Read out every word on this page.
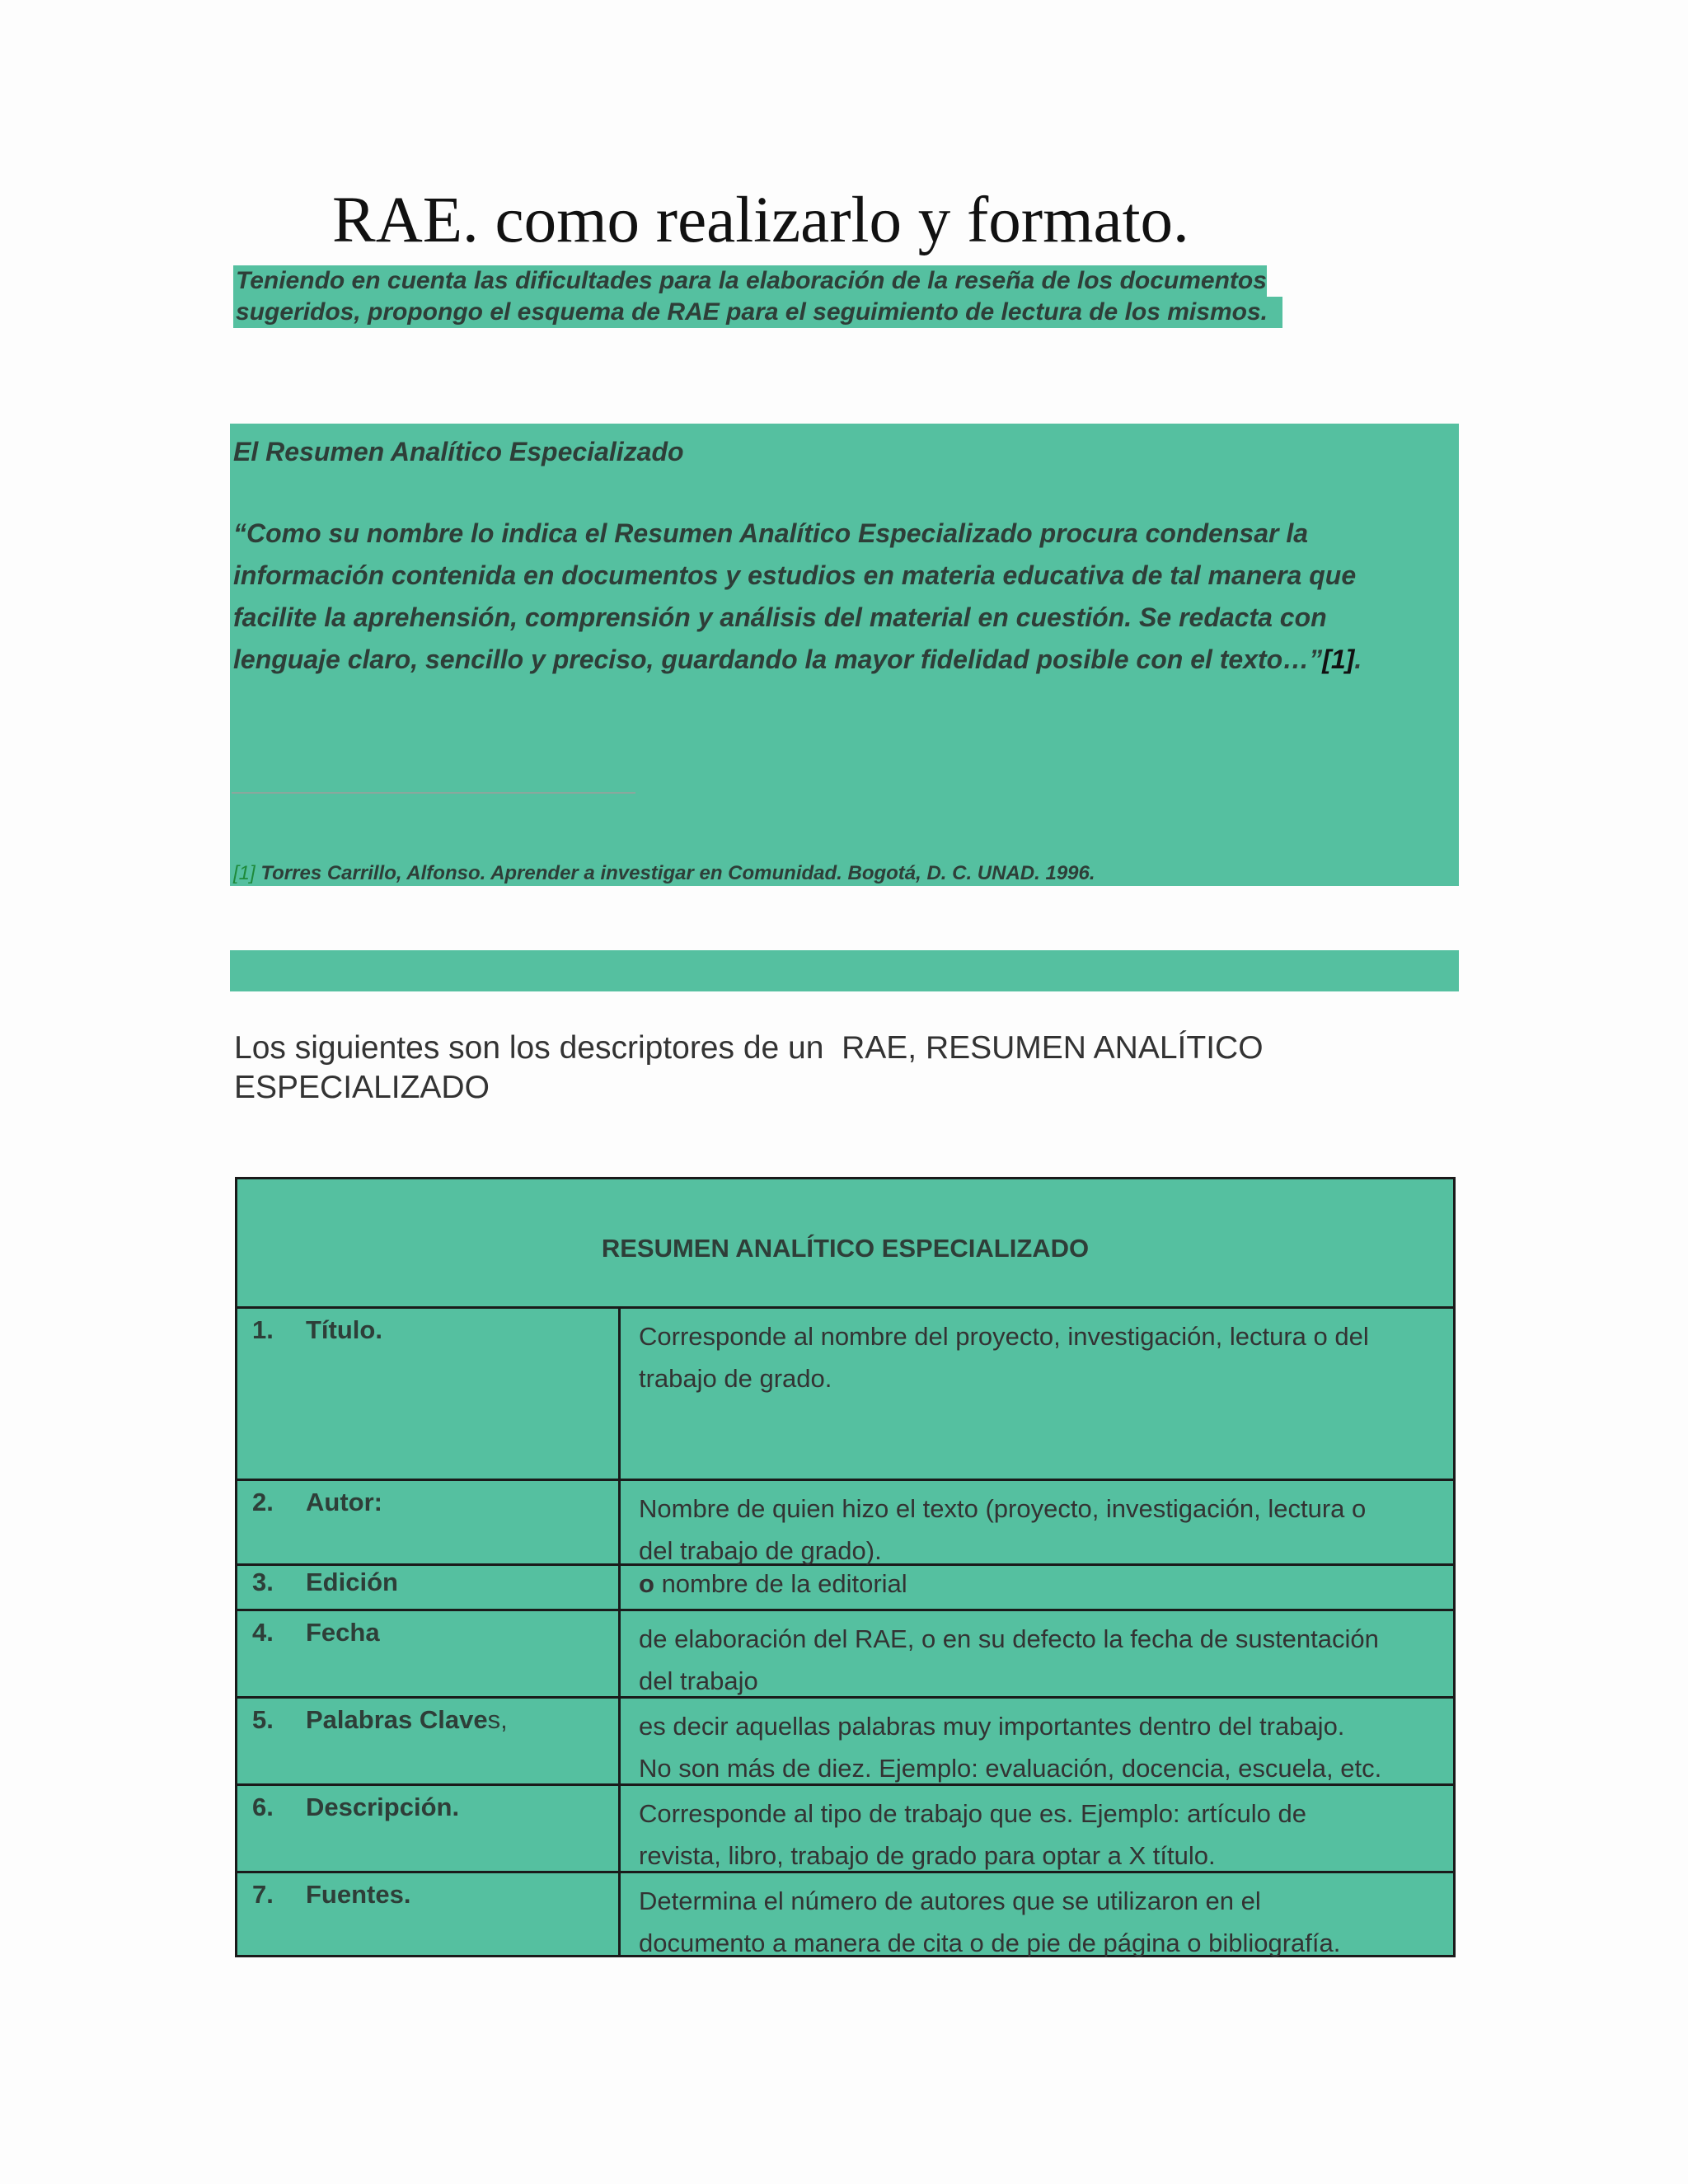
RAE. como realizarlo y formato.
Teniendo en cuenta las dificultades para la elaboración de la reseña de los documentos
sugeridos, propongo el esquema de RAE para el seguimiento de lectura de los mismos.
El Resumen Analítico Especializado
“Como su nombre lo indica el Resumen Analítico Especializado procura condensar la
información contenida en documentos y estudios en materia educativa de tal manera que
facilite la aprehensión, comprensión y análisis del material en cuestión. Se redacta con
lenguaje claro, sencillo y preciso, guardando la mayor fidelidad posible con el texto…”[1].
[1] Torres Carrillo, Alfonso. Aprender a investigar en Comunidad. Bogotá, D. C. UNAD. 1996.
Los siguientes son los descriptores de un  RAE, RESUMEN ANALÍTICO
ESPECIALIZADO
RESUMEN ANALÍTICO ESPECIALIZADO
1. Título.	Corresponde al nombre del proyecto, investigación, lectura o del
trabajo de grado.
2. Autor:	Nombre de quien hizo el texto (proyecto, investigación, lectura o
del trabajo de grado).
3. Edición	o nombre de la editorial
4. Fecha	de elaboración del RAE, o en su defecto la fecha de sustentación
del trabajo
5. Palabras Claves,	es decir aquellas palabras muy importantes dentro del trabajo.
No son más de diez. Ejemplo: evaluación, docencia, escuela, etc.
6. Descripción.	Corresponde al tipo de trabajo que es. Ejemplo: artículo de
revista, libro, trabajo de grado para optar a X título.
7. Fuentes.	Determina el número de autores que se utilizaron en el
documento a manera de cita o de pie de página o bibliografía.
